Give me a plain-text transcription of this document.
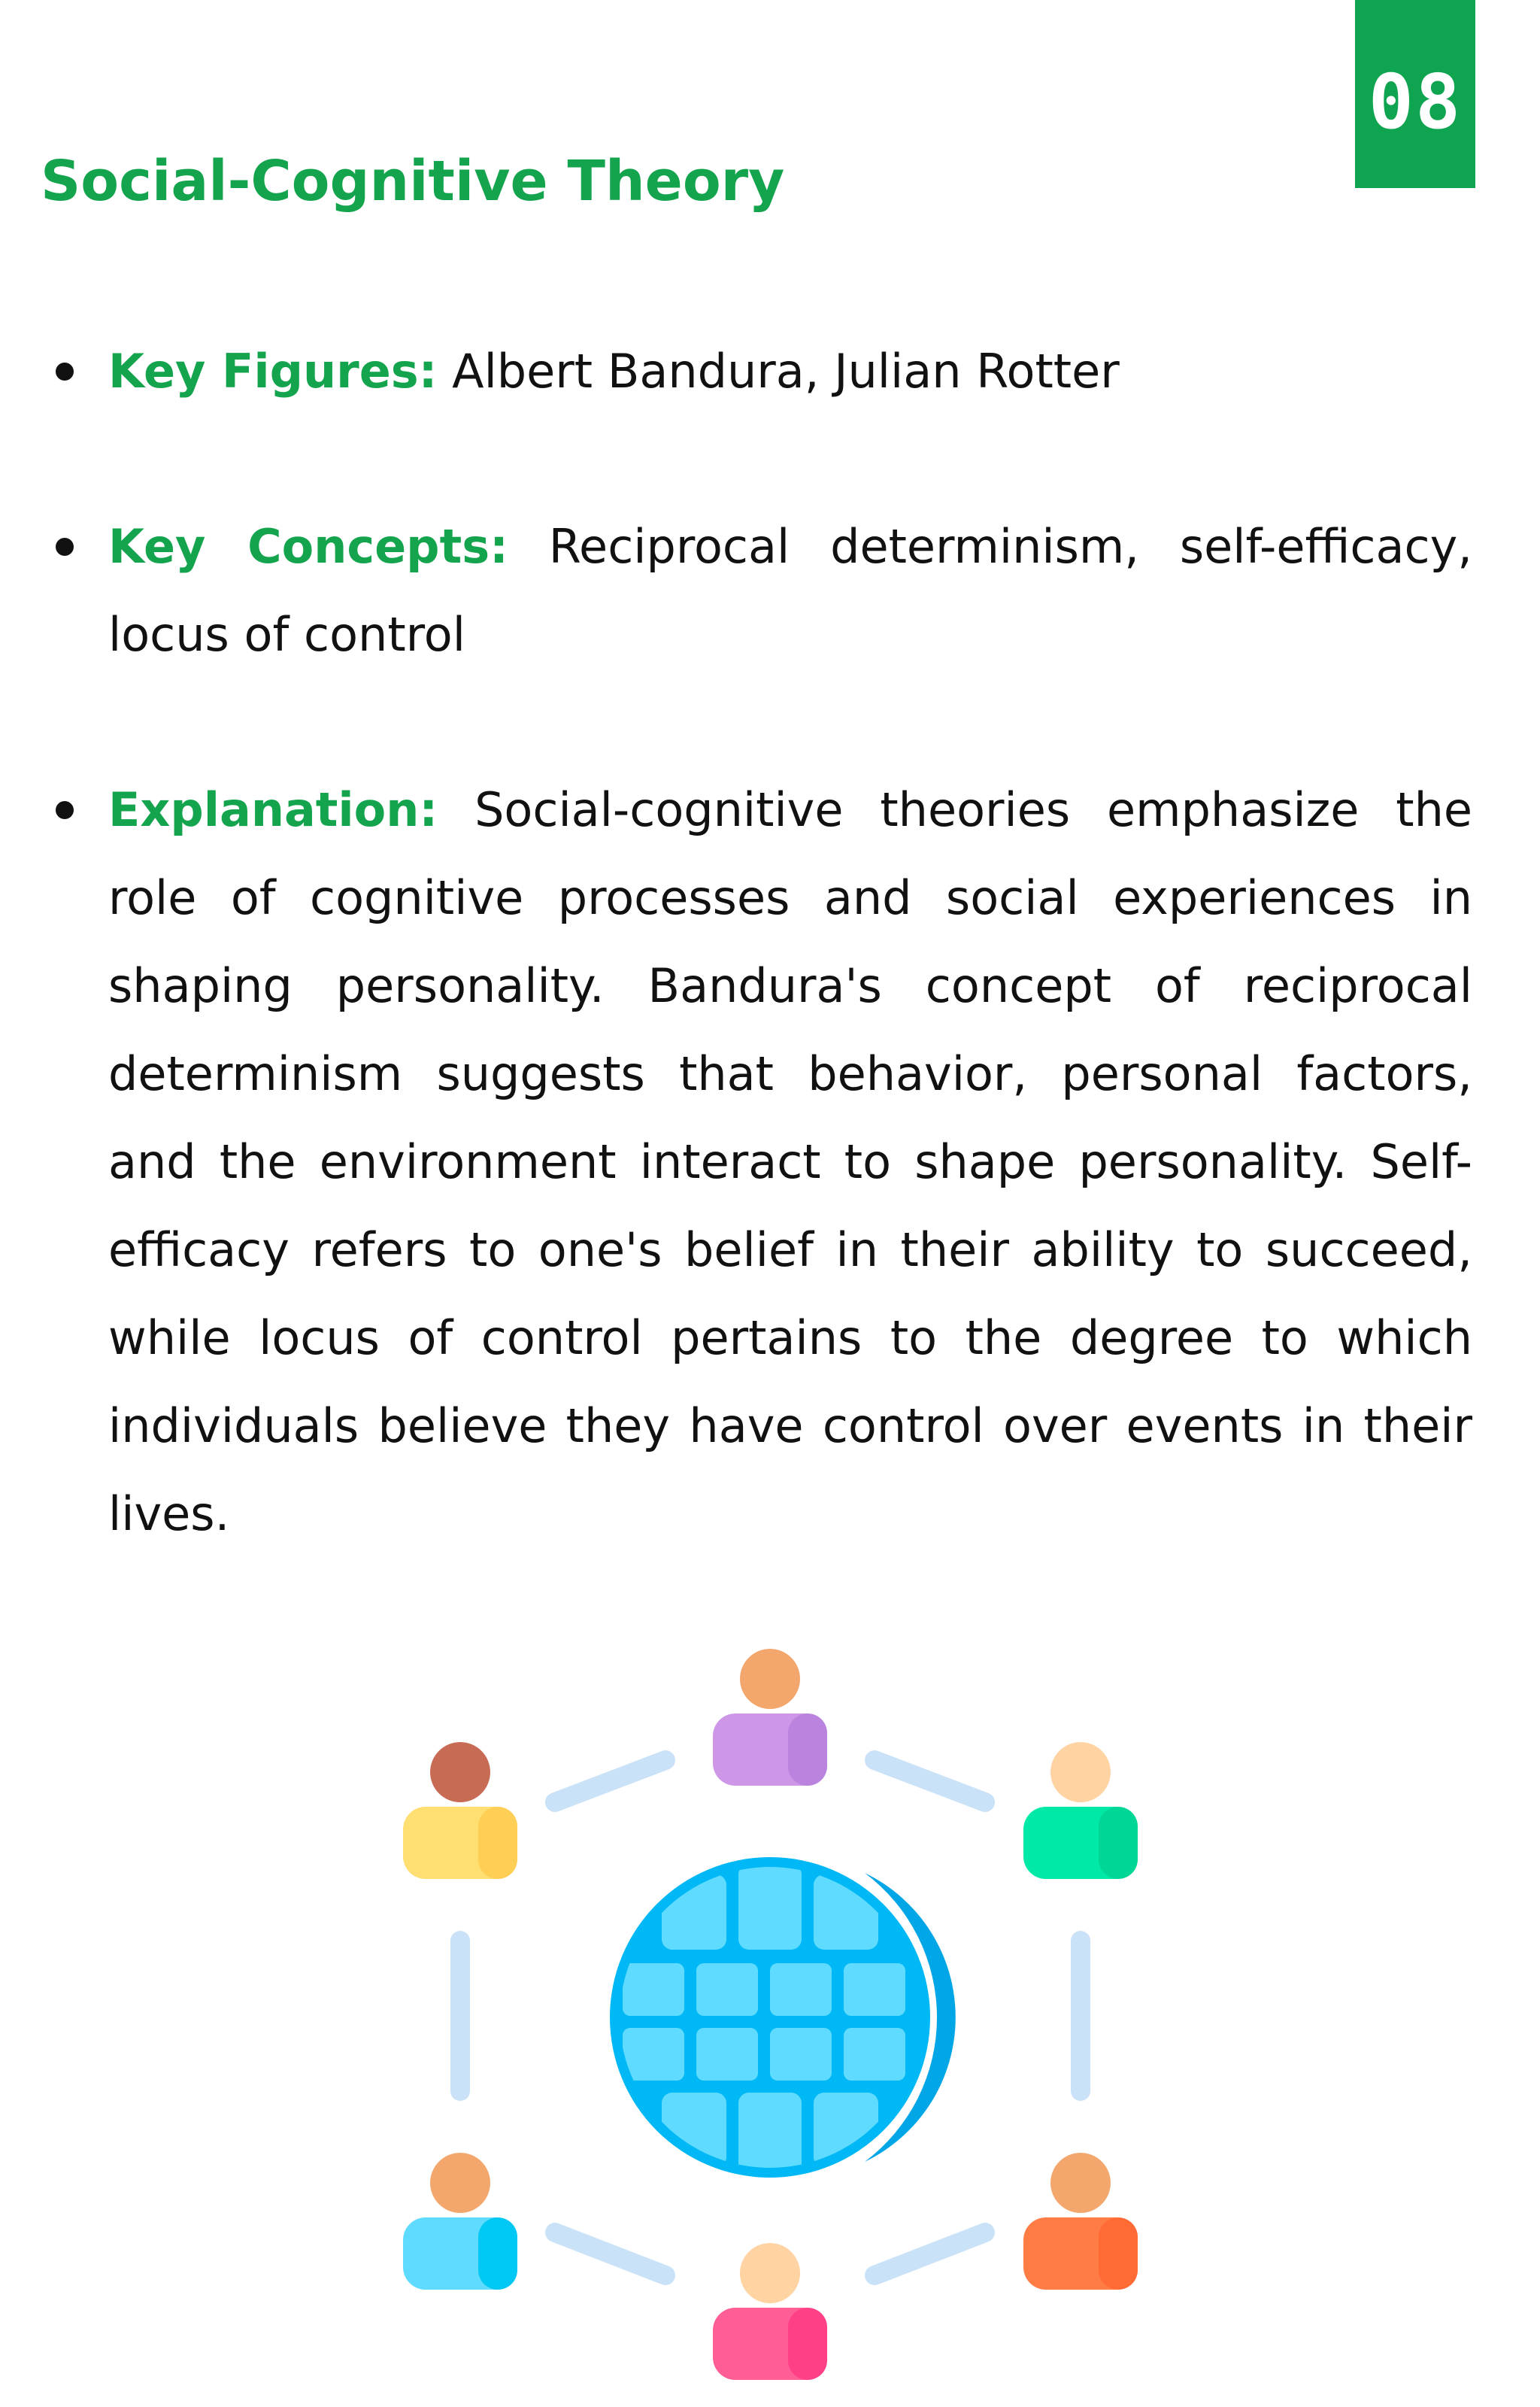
08
Social-Cognitive Theory
Key Figures: Albert Bandura, Julian Rotter
Key Concepts: Reciprocal determinism, self-efficacy, locus of control
Explanation: Social-cognitive theories emphasize the role of cognitive processes and social experiences in shaping personality. Bandura's concept of reciprocal determinism suggests that behavior, personal factors, and the environment interact to shape personality. Self-efficacy refers to one's belief in their ability to succeed, while locus of control pertains to the degree to which individuals believe they have control over events in their lives.
